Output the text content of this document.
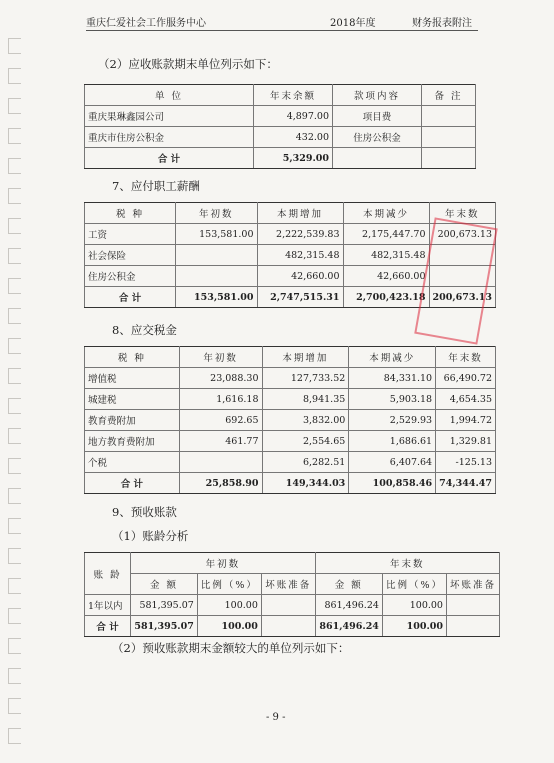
重庆仁爱社会工作服务中心	2018年度	财务报表附注
（2）应收账款期末单位列示如下：
单 位	年末余额	款项内容	备 注
重庆果琳鑫园公司	4,897.00	项目费	
重庆市住房公积金	432.00	住房公积金	
合 计	5,329.00		
7、应付职工薪酬
税 种	年初数	本期增加	本期减少	年末数
工资	153,581.00	2,222,539.83	2,175,447.70	200,673.13
社会保险		482,315.48	482,315.48	
住房公积金		42,660.00	42,660.00	
合 计	153,581.00	2,747,515.31	2,700,423.18	200,673.13
8、应交税金
税 种	年初数	本期增加	本期减少	年末数
增值税	23,088.30	127,733.52	84,331.10	66,490.72
城建税	1,616.18	8,941.35	5,903.18	4,654.35
教育费附加	692.65	3,832.00	2,529.93	1,994.72
地方教育费附加	461.77	2,554.65	1,686.61	1,329.81
个税		6,282.51	6,407.64	-125.13
合 计	25,858.90	149,344.03	100,858.46	74,344.47
9、预收账款
（1）账龄分析
账 龄	年初数			年末数		
	金 额	比例（%）	坏账准备	金 额	比例（%）	坏账准备
1年以内	581,395.07	100.00		861,496.24	100.00	
合 计	581,395.07	100.00		861,496.24	100.00	
（2）预收账款期末金额较大的单位列示如下：
- 9 -
